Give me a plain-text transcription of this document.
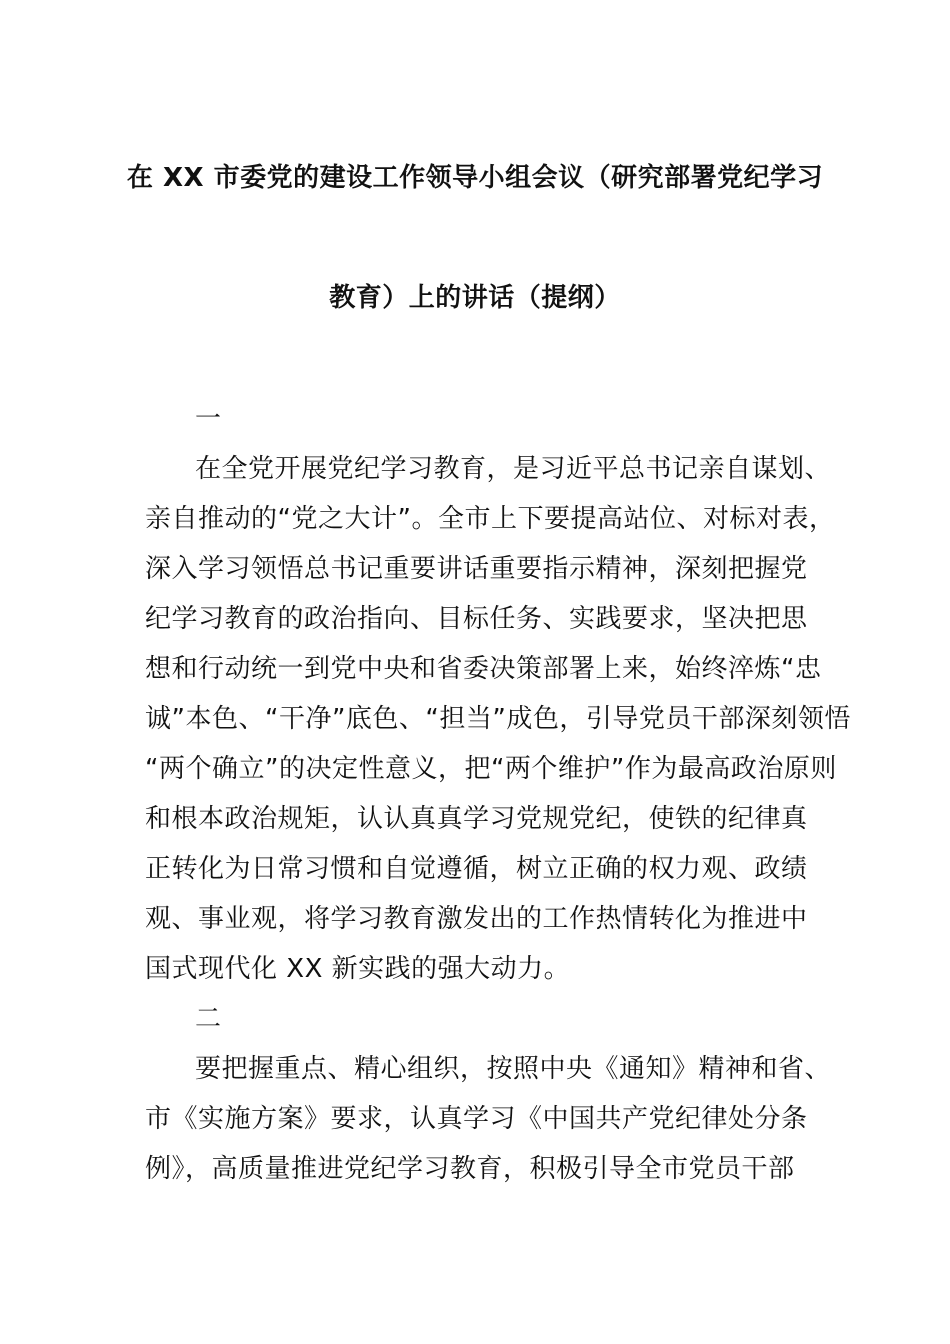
在 XX 市委党的建设工作领导小组会议（研究部署党纪学习
教育）上的讲话（提纲）
一
在全党开展党纪学习教育，是习近平总书记亲自谋划、
亲自推动的“党之大计”。全市上下要提高站位、对标对表，
深入学习领悟总书记重要讲话重要指示精神，深刻把握党
纪学习教育的政治指向、目标任务、实践要求，坚决把思
想和行动统一到党中央和省委决策部署上来，始终淬炼“忠
诚”本色、“干净”底色、“担当”成色，引导党员干部深刻领悟
“两个确立”的决定性意义，把“两个维护”作为最高政治原则
和根本政治规矩，认认真真学习党规党纪，使铁的纪律真
正转化为日常习惯和自觉遵循，树立正确的权力观、政绩
观、事业观，将学习教育激发出的工作热情转化为推进中
国式现代化 XX 新实践的强大动力。
二
要把握重点、精心组织，按照中央《通知》精神和省、
市《实施方案》要求，认真学习《中国共产党纪律处分条
例》，高质量推进党纪学习教育，积极引导全市党员干部
